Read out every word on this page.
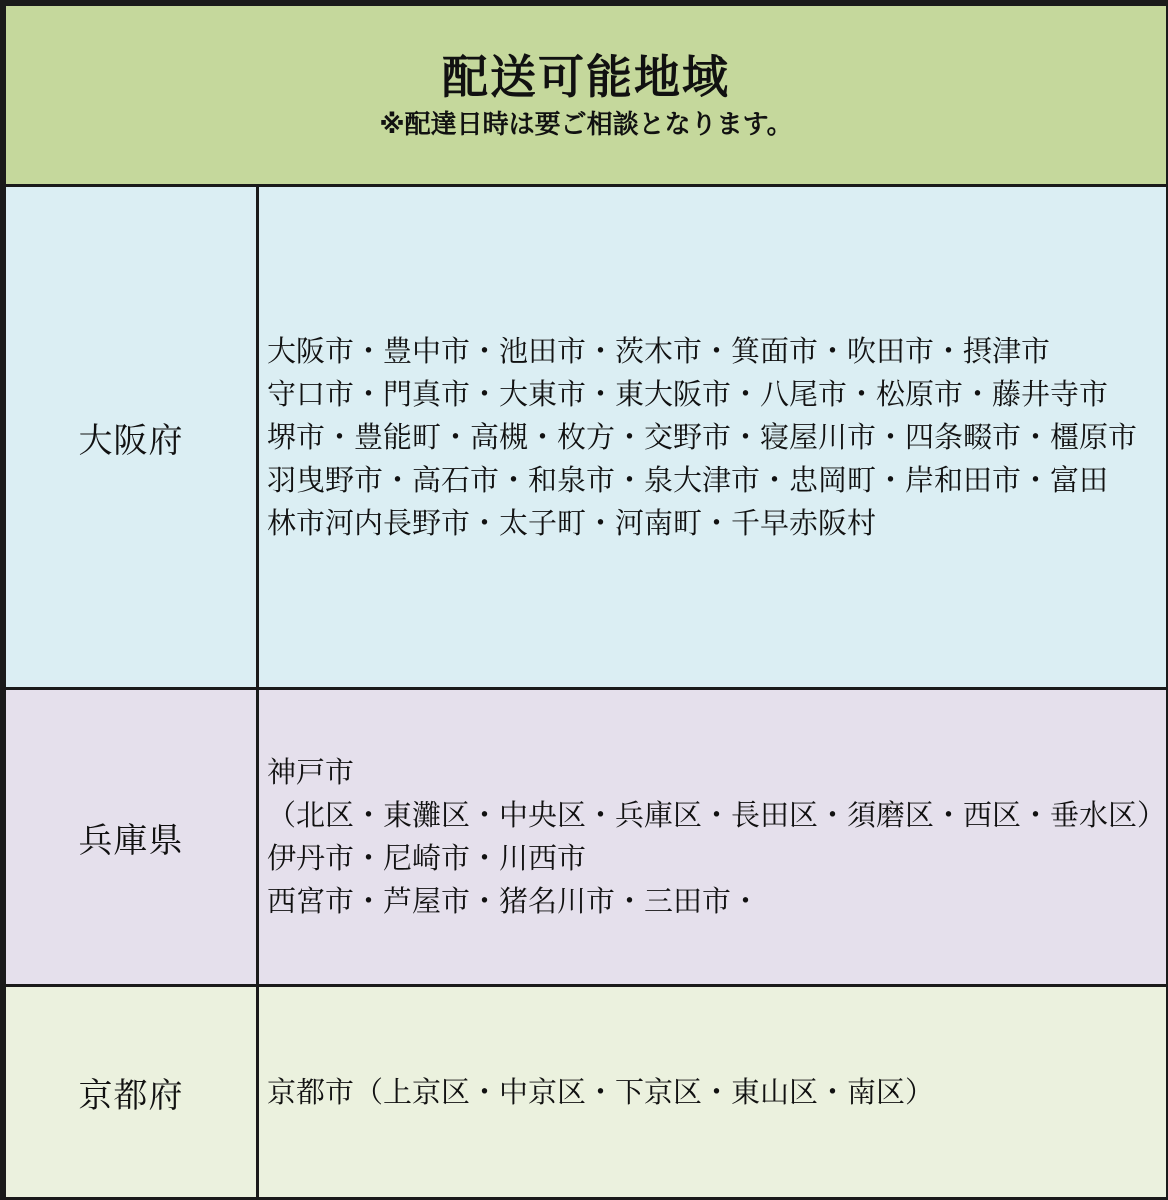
配送可能地域
※配達日時は要ご相談となります。
大阪府
大阪市・豊中市・池田市・茨木市・箕面市・吹田市・摂津市
守口市・門真市・大東市・東大阪市・八尾市・松原市・藤井寺市
堺市・豊能町・高槻・枚方・交野市・寝屋川市・四条畷市・橿原市
羽曳野市・高石市・和泉市・泉大津市・忠岡町・岸和田市・富田
林市河内長野市・太子町・河南町・千早赤阪村
兵庫県
神戸市
（北区・東灘区・中央区・兵庫区・長田区・須磨区・西区・垂水区）
伊丹市・尼崎市・川西市
西宮市・芦屋市・猪名川市・三田市・
京都府	京都市（上京区・中京区・下京区・東山区・南区）
